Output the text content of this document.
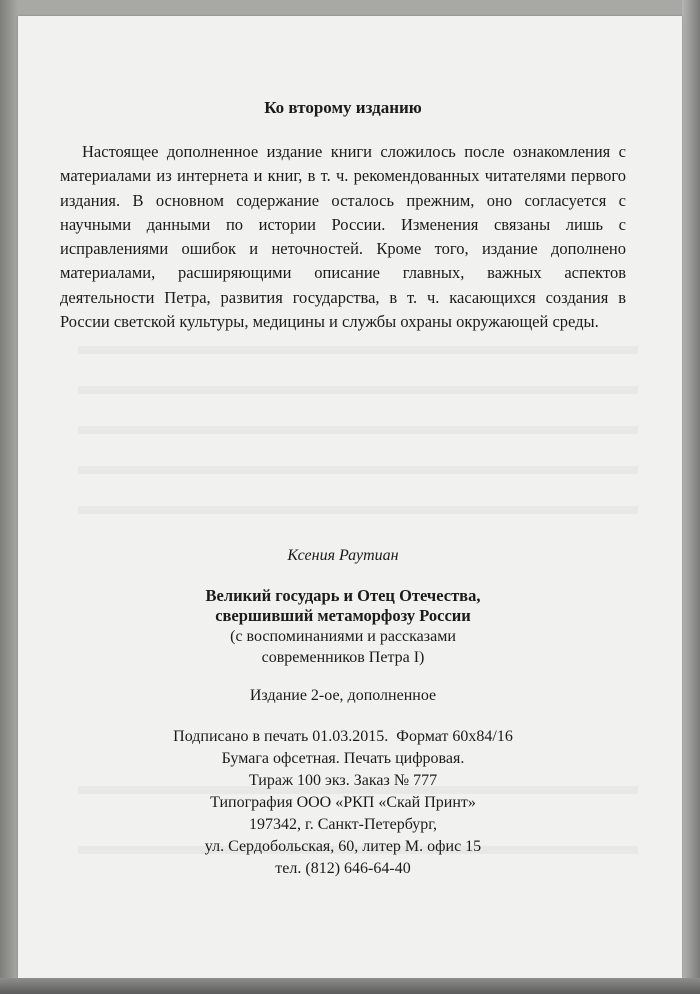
Ко второму изданию

Настоящее дополненное издание книги сложилось после ознакомления с материалами из интернета и книг, в т. ч. рекомендованных читателями первого издания. В основном содержание осталось прежним, оно согласуется с научными данными по истории России. Изменения связаны лишь с исправлениями ошибок и неточностей. Кроме того, издание дополнено материалами, расширяющими описание главных, важных аспектов деятельности Петра, развития государства, в т. ч. касающихся создания в России светской культуры, медицины и службы охраны окружающей среды.

Ксения Раутиан
Великий государь и Отец Отечества,
свершивший метаморфозу России
(с воспоминаниями и рассказами
современников Петра I)
Издание 2-ое, дополненное
Подписано в печать 01.03.2015.  Формат 60х84/16
Бумага офсетная. Печать цифровая.
Тираж 100 экз. Заказ № 777
Типография ООО «РКП «Скай Принт»
197342, г. Санкт-Петербург,
ул. Сердобольская, 60, литер М. офис 15
тел. (812) 646-64-40
